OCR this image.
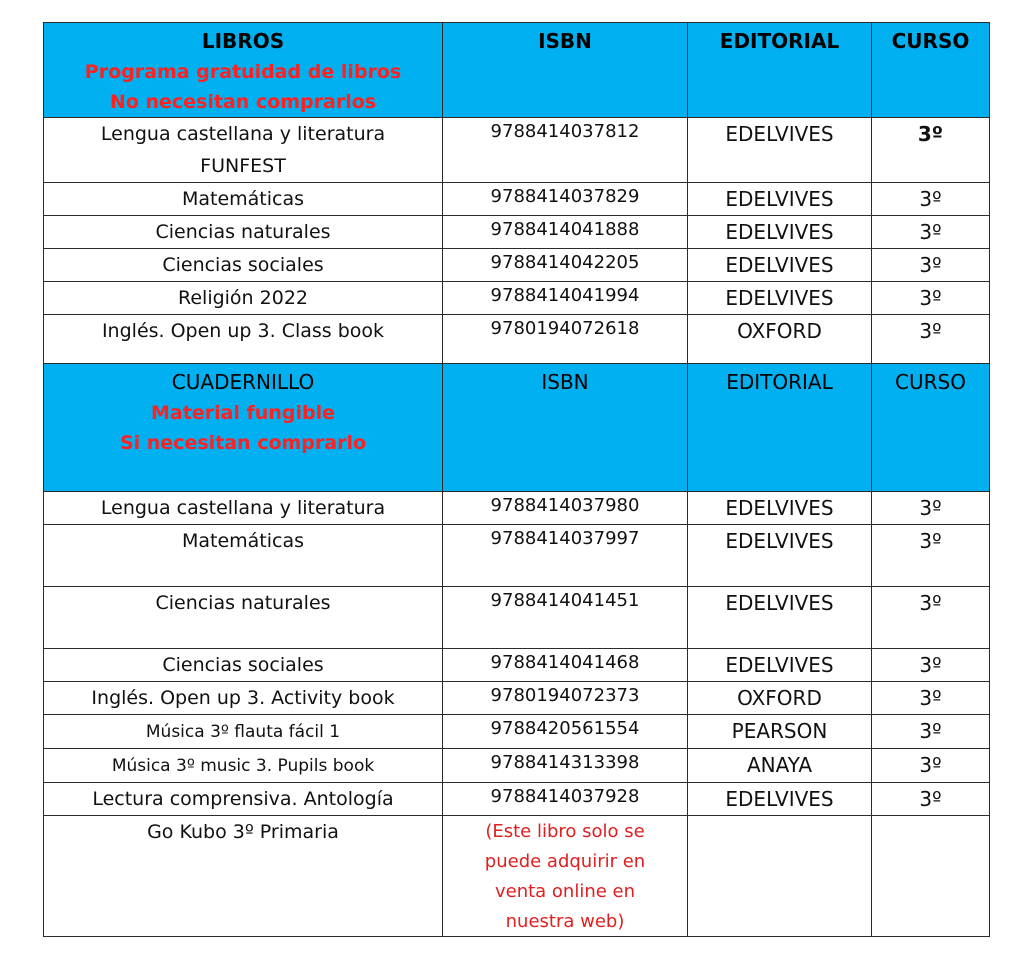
LIBROS
Programa gratuidad de libros
No necesitan comprarlos	ISBN	EDITORIAL	CURSO

Lengua castellana y literatura
FUNFEST	9788414037812	EDELVIVES	3º

Matemáticas	9788414037829	EDELVIVES	3º

Ciencias naturales	9788414041888	EDELVIVES	3º

Ciencias sociales	9788414042205	EDELVIVES	3º

Religión 2022	9788414041994	EDELVIVES	3º

Inglés. Open up 3. Class book	9780194072618	OXFORD	3º

CUADERNILLO
Material fungible
Si necesitan comprarlo	ISBN	EDITORIAL	CURSO

Lengua castellana y literatura	9788414037980	EDELVIVES	3º

Matemáticas	9788414037997	EDELVIVES	3º

Ciencias naturales	9788414041451	EDELVIVES	3º

Ciencias sociales	9788414041468	EDELVIVES	3º

Inglés. Open up 3. Activity book	9780194072373	OXFORD	3º

Música 3º flauta fácil 1	9788420561554	PEARSON	3º

Música 3º music 3. Pupils book	9788414313398	ANAYA	3º

Lectura comprensiva. Antología	9788414037928	EDELVIVES	3º

Go Kubo 3º Primaria	(Este libro solo se
puede adquirir en
venta online en
nuestra web)		
